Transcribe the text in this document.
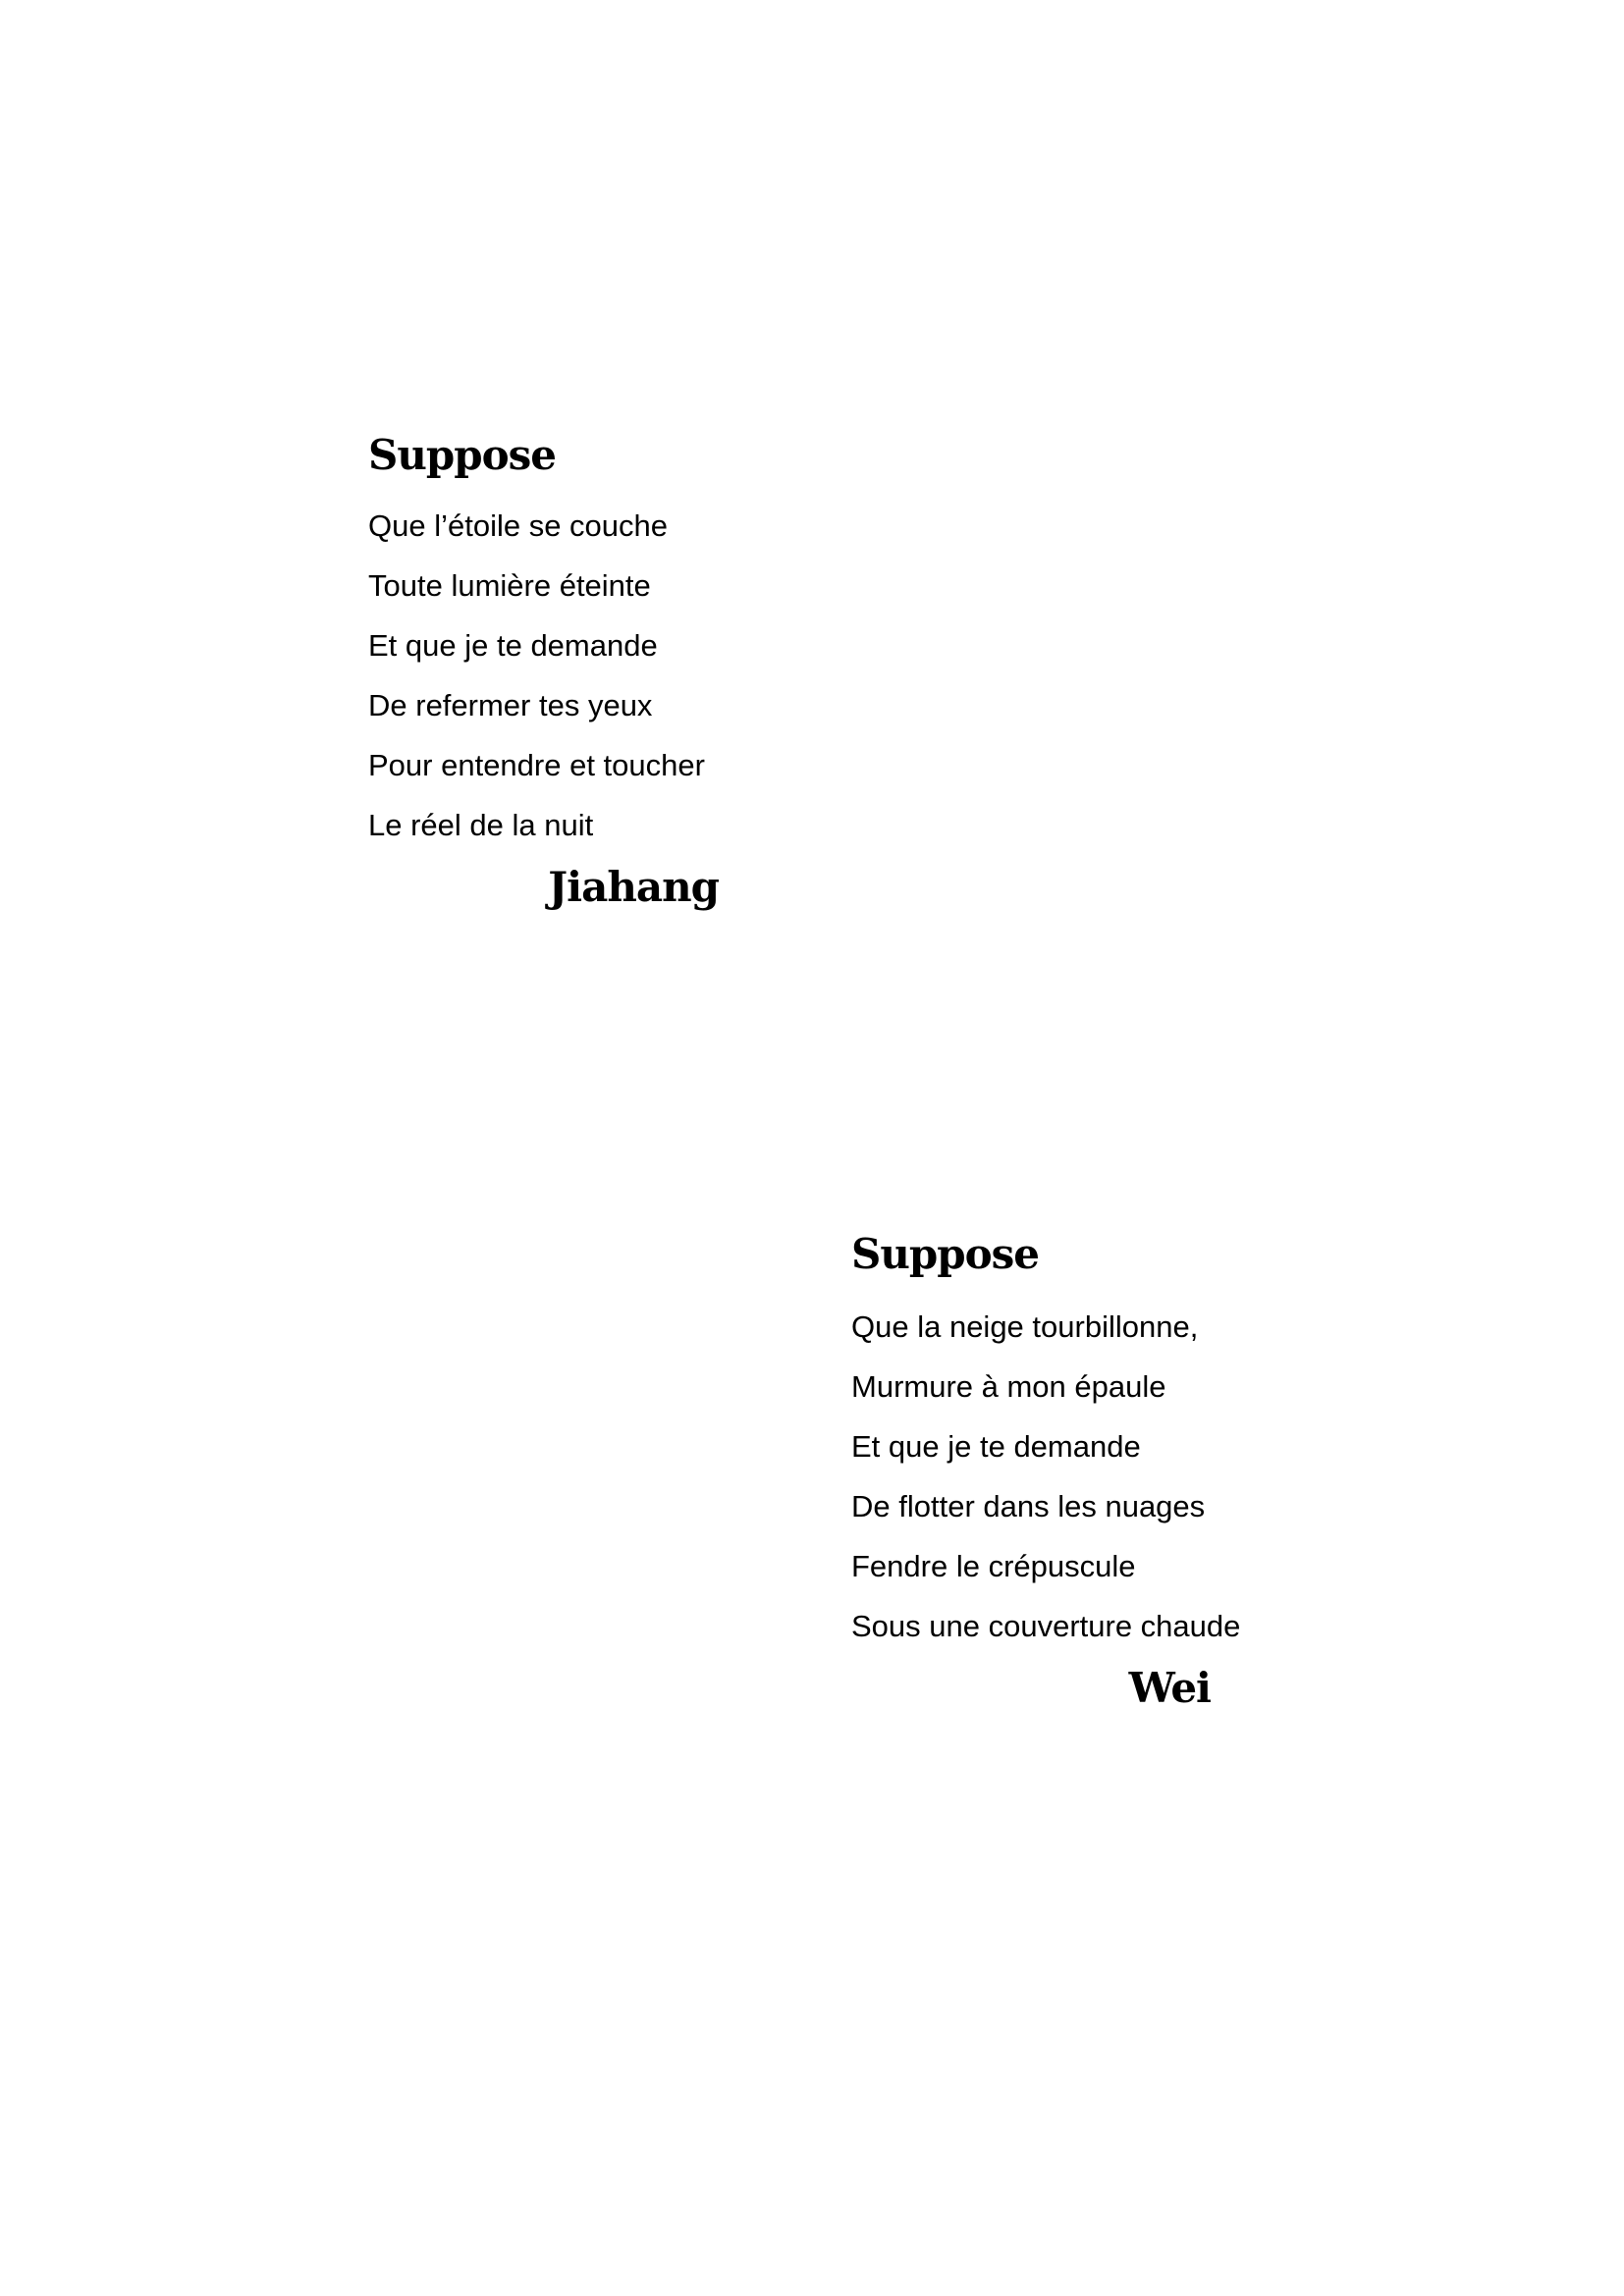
Suppose

Que l’étoile se couche

Toute lumière éteinte

Et que je te demande

De refermer tes yeux

Pour entendre et toucher

Le réel de la nuit

Jiahang

Suppose

Que la neige tourbillonne,

Murmure à mon épaule

Et que je te demande

De flotter dans les nuages

Fendre le crépuscule

Sous une couverture chaude

Wei
